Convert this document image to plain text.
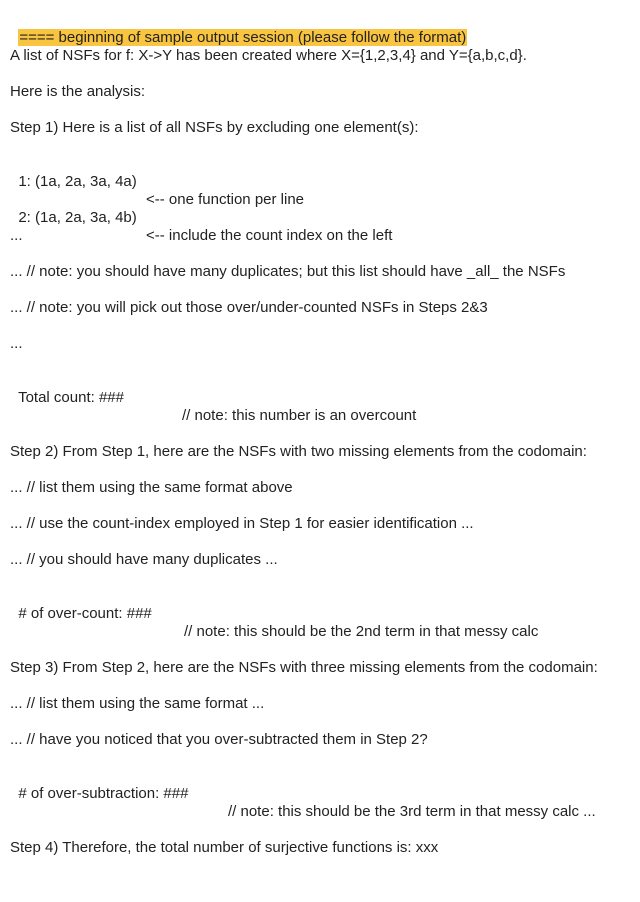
==== beginning of sample output session (please follow the format)

A list of NSFs for f: X->Y has been created where X={1,2,3,4} and Y={a,b,c,d}.
Here is the analysis:
Step 1) Here is a list of all NSFs by excluding one element(s):

1: (1a, 2a, 3a, 4a)

<-- one function per line

2: (1a, 2a, 3a, 4b)

<-- include the count index on the left

...
... // note: you should have many duplicates; but this list should have _all_ the NSFs
... // note: you will pick out those over/under-counted NSFs in Steps 2&3
...

Total count: ###

// note: this number is an overcount

Step 2) From Step 1, here are the NSFs with two missing elements from the codomain:
... // list them using the same format above
... // use the count-index employed in Step 1 for easier identification ...
... // you should have many duplicates ...

# of over-count: ###

// note: this should be the 2nd term in that messy calc

Step 3) From Step 2, here are the NSFs with three missing elements from the codomain:
... // list them using the same format ...
... // have you noticed that you over-subtracted them in Step 2?

# of over-subtraction: ###

// note: this should be the 3rd term in that messy calc ...

Step 4) Therefore, the total number of surjective functions is: xxx
